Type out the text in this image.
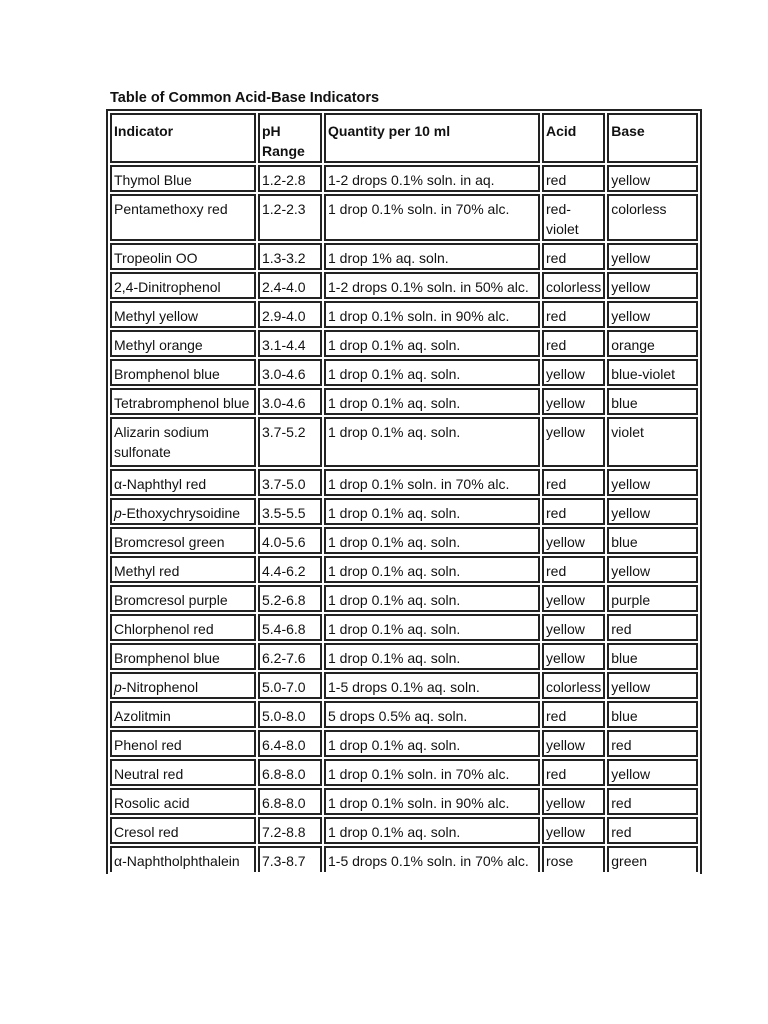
Table of Common Acid-Base Indicators
Indicator	pH Range	Quantity per 10 ml	Acid	Base
Thymol Blue	1.2-2.8	1-2 drops 0.1% soln. in aq.	red	yellow
Pentamethoxy red	1.2-2.3	1 drop 0.1% soln. in 70% alc.	red-violet	colorless
Tropeolin OO	1.3-3.2	1 drop 1% aq. soln.	red	yellow
2,4-Dinitrophenol	2.4-4.0	1-2 drops 0.1% soln. in 50% alc.	colorless	yellow
Methyl yellow	2.9-4.0	1 drop 0.1% soln. in 90% alc.	red	yellow
Methyl orange	3.1-4.4	1 drop 0.1% aq. soln.	red	orange
Bromphenol blue	3.0-4.6	1 drop 0.1% aq. soln.	yellow	blue-violet
Tetrabromphenol blue	3.0-4.6	1 drop 0.1% aq. soln.	yellow	blue
Alizarin sodium sulfonate	3.7-5.2	1 drop 0.1% aq. soln.	yellow	violet
α-Naphthyl red	3.7-5.0	1 drop 0.1% soln. in 70% alc.	red	yellow
p-Ethoxychrysoidine	3.5-5.5	1 drop 0.1% aq. soln.	red	yellow
Bromcresol green	4.0-5.6	1 drop 0.1% aq. soln.	yellow	blue
Methyl red	4.4-6.2	1 drop 0.1% aq. soln.	red	yellow
Bromcresol purple	5.2-6.8	1 drop 0.1% aq. soln.	yellow	purple
Chlorphenol red	5.4-6.8	1 drop 0.1% aq. soln.	yellow	red
Bromphenol blue	6.2-7.6	1 drop 0.1% aq. soln.	yellow	blue
p-Nitrophenol	5.0-7.0	1-5 drops 0.1% aq. soln.	colorless	yellow
Azolitmin	5.0-8.0	5 drops 0.5% aq. soln.	red	blue
Phenol red	6.4-8.0	1 drop 0.1% aq. soln.	yellow	red
Neutral red	6.8-8.0	1 drop 0.1% soln. in 70% alc.	red	yellow
Rosolic acid	6.8-8.0	1 drop 0.1% soln. in 90% alc.	yellow	red
Cresol red	7.2-8.8	1 drop 0.1% aq. soln.	yellow	red
α-Naphtholphthalein	7.3-8.7	1-5 drops 0.1% soln. in 70% alc.	rose	green
